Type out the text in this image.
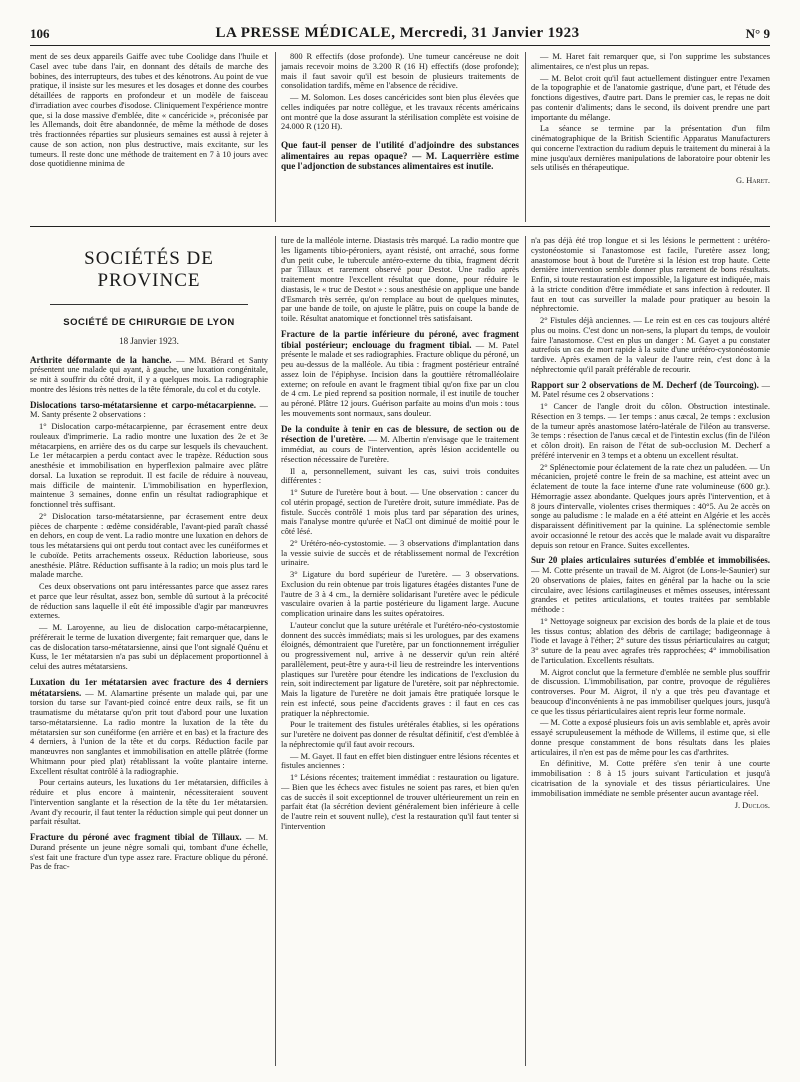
106	LA PRESSE MÉDICALE, Mercredi, 31 Janvier 1923	N° 9

ment de ses deux appareils Gaiffe avec tube Coolidge dans l'huile et Casel avec tube dans l'air, en donnant des détails de marche des bobines, des interrupteurs, des tubes et des kénotrons. Au point de vue pratique, il insiste sur les mesures et les dosages et donne des courbes détaillées de rapports en profondeur et un modèle de faisceau d'irradiation avec courbes d'isodose. Cliniquement l'expérience montre que, si la dose massive d'emblée, dite « cancéricide », préconisée par les Allemands, doit être abandonnée, de même la méthode de doses très fractionnées réparties sur plusieurs semaines est aussi à rejeter à cause de son action, non plus destructive, mais excitante, sur les tumeurs. Il reste donc une méthode de traitement en 7 à 10 jours avec dose quotidienne minima de

800 R effectifs (dose profonde). Une tumeur cancéreuse ne doit jamais recevoir moins de 3.200 R (16 H) effectifs (dose profonde); mais il faut savoir qu'il est besoin de plusieurs traitements de consolidation tardifs, même en l'absence de récidive.

— M. Solomon. Les doses cancéricides sont bien plus élevées que celles indiquées par notre collègue, et les travaux récents américains ont montré que la dose assurant la stérilisation complète est voisine de 24.000 R (120 H).

Que faut-il penser de l'utilité d'adjoindre des substances alimentaires au repas opaque? — M. Laquerrière estime que l'adjonction de substances alimentaires est inutile.

— M. Haret fait remarquer que, si l'on supprime les substances alimentaires, ce n'est plus un repas.

— M. Belot croit qu'il faut actuellement distinguer entre l'examen de la topographie et de l'anatomie gastrique, d'une part, et l'étude des fonctions digestives, d'autre part. Dans le premier cas, le repas ne doit pas contenir d'aliments; dans le second, ils doivent prendre une part importante du mélange.

La séance se termine par la présentation d'un film cinématographique de la British Scientific Apparatus Manufacturers qui concerne l'extraction du radium depuis le traitement du minerai à la mine jusqu'aux dernières manipulations de laboratoire pour obtenir les sels utilisés en thérapeutique.

G. Haret.
SOCIÉTÉS DE PROVINCE
SOCIÉTÉ DE CHIRURGIE DE LYON
18 Janvier 1923.

Arthrite déformante de la hanche. — MM. Bérard et Santy présentent une malade qui ayant, à gauche, une luxation congénitale, se mit à souffrir du côté droit, il y a quelques mois. La radiographie montre des lésions très nettes de la tête fémorale, du col et du cotyle.

Dislocations tarso-métatarsienne et carpo-métacarpienne. — M. Santy présente 2 observations :

1° Dislocation carpo-métacarpienne, par écrasement entre deux rouleaux d'imprimerie. La radio montre une luxation des 2e et 3e métacarpiens, en arrière des os du carpe sur lesquels ils chevauchent. Le 1er métacarpien a perdu contact avec le trapèze. Réduction sous anesthésie et immobilisation en hyperflexion palmaire avec plâtre dorsal. La luxation se reproduit. Il est facile de réduire à nouveau, mais difficile de maintenir. L'immobilisation en hyperflexion, maintenue 3 semaines, donne enfin un résultat radiographique et fonctionnel très suffisant.

2° Dislocation tarso-métatarsienne, par écrasement entre deux pièces de charpente : œdème considérable, l'avant-pied paraît chassé en dehors, en coup de vent. La radio montre une luxation en dehors de tous les métatarsiens qui ont perdu tout contact avec les cunéiformes et le cuboïde. Petits arrachements osseux. Réduction laborieuse, sous anesthésie. Plâtre. Réduction suffisante à la radio; un mois plus tard le malade marche.

Ces deux observations ont paru intéressantes parce que assez rares et parce que leur résultat, assez bon, semble dû surtout à la précocité de réduction sans laquelle il eût été impossible d'agir par manœuvres externes.

— M. Laroyenne, au lieu de dislocation carpo-métacarpienne, préférerait le terme de luxation divergente; fait remarquer que, dans le cas de dislocation tarso-métatarsienne, ainsi que l'ont signalé Quénu et Kuss, le 1er métatarsien n'a pas subi un déplacement proportionnel à celui des autres métatarsiens.

Luxation du 1er métatarsien avec fracture des 4 derniers métatarsiens. — M. Alamartine présente un malade qui, par une torsion du tarse sur l'avant-pied coincé entre deux rails, se fit un traumatisme du métatarse qu'on prit tout d'abord pour une luxation tarso-métatarsienne. La radio montre la luxation de la tête du métatarsien sur son cunéiforme (en arrière et en bas) et la fracture des 4 derniers, à l'union de la tête et du corps. Réduction facile par manœuvres non sanglantes et immobilisation en attelle plâtrée (forme Whitmann pour pied plat) rétablissant la voûte plantaire interne. Excellent résultat contrôlé à la radiographie.

Pour certains auteurs, les luxations du 1er métatarsien, difficiles à réduire et plus encore à maintenir, nécessiteraient souvent l'intervention sanglante et la résection de la tête du 1er métatarsien. Avant d'y recourir, il faut tenter la réduction simple qui peut donner un parfait résultat.

Fracture du péroné avec fragment tibial de Tillaux. — M. Durand présente un jeune nègre somali qui, tombant d'une échelle, s'est fait une fracture d'un type assez rare. Fracture oblique du péroné. Pas de frac-

ture de la malléole interne. Diastasis très marqué. La radio montre que les ligaments tibio-péroniers, ayant résisté, ont arraché, sous forme d'un petit cube, le tubercule antéro-externe du tibia, fragment décrit par Tillaux et rarement observé pour Destot. Une radio après traitement montre l'excellent résultat que donne, pour réduire le diastasis, le « truc de Destot » : sous anesthésie on applique une bande d'Esmarch très serrée, qu'on remplace au bout de quelques minutes, par une bande de toile, on ajuste le plâtre, puis on coupe la bande de toile. Résultat anatomique et fonctionnel très satisfaisant.

Fracture de la partie inférieure du péroné, avec fragment tibial postérieur; enclouage du fragment tibial. — M. Patel présente le malade et ses radiographies. Fracture oblique du péroné, un peu au-dessus de la malléole. Au tibia : fragment postérieur entraîné assez loin de l'épiphyse. Incision dans la gouttière rétromalléolaire externe; on refoule en avant le fragment tibial qu'on fixe par un clou de 4 cm. Le pied reprend sa position normale, il est inutile de toucher au péroné. Plâtre 12 jours. Guérison parfaite au moins d'un mois : tous les mouvements sont normaux, sans douleur.

De la conduite à tenir en cas de blessure, de section ou de résection de l'uretère. — M. Albertin n'envisage que le traitement immédiat, au cours de l'intervention, après lésion accidentelle ou résection nécessaire de l'uretère.

Il a, personnellement, suivant les cas, suivi trois conduites différentes :

1° Suture de l'uretère bout à bout. — Une observation : cancer du col utérin propagé, section de l'uretère droit, suture immédiate. Pas de fistule. Succès contrôlé 1 mois plus tard par séparation des urines, mais l'analyse montre qu'urée et NaCl ont diminué de moitié pour le côté lésé.

2° Urétéro-néo-cystostomie. — 3 observations d'implantation dans la vessie suivie de succès et de rétablissement normal de l'excrétion urinaire.

3° Ligature du bord supérieur de l'uretère. — 3 observations. Exclusion du rein obtenue par trois ligatures étagées distantes l'une de l'autre de 3 à 4 cm., la dernière solidarisant l'uretère avec le pédicule vasculaire ovarien à la partie postérieure du ligament large. Aucune complication urinaire dans les suites opératoires.

L'auteur conclut que la suture urétérale et l'urétéro-néo-cystostomie donnent des succès immédiats; mais si les urologues, par des examens éloignés, démontraient que l'uretère, par un fonctionnement irrégulier ou progressivement nul, arrive à ne desservir qu'un rein altéré parallèlement, peut-être y aura-t-il lieu de restreindre les interventions plastiques sur l'uretère pour étendre les indications de l'exclusion du rein, soit indirectement par ligature de l'uretère, soit par néphrectomie. Mais la ligature de l'uretère ne doit jamais être pratiquée lorsque le rein est infecté, sous peine d'accidents graves : il faut en ces cas pratiquer la néphrectomie.

Pour le traitement des fistules urétérales établies, si les opérations sur l'uretère ne doivent pas donner de résultat définitif, c'est d'emblée à la néphrectomie qu'il faut avoir recours.

— M. Gayet. Il faut en effet bien distinguer entre lésions récentes et fistules anciennes :

1° Lésions récentes; traitement immédiat : restauration ou ligature. — Bien que les échecs avec fistules ne soient pas rares, et bien qu'en cas de succès il soit exceptionnel de trouver ultérieurement un rein en parfait état (la sécrétion devient généralement bien inférieure à celle de l'autre rein et souvent nulle), c'est la restauration qu'il faut tenter si l'intervention

n'a pas déjà été trop longue et si les lésions le permettent : urétéro-cystonéostomie si l'anastomose est facile, l'uretère assez long; anastomose bout à bout de l'uretère si la lésion est trop haute. Cette dernière intervention semble donner plus rarement de bons résultats. Enfin, si toute restauration est impossible, la ligature est indiquée, mais à la stricte condition d'être immédiate et sans infection à redouter. Il faut en tout cas surveiller la malade pour pratiquer au besoin la néphrectomie.

2° Fistules déjà anciennes. — Le rein est en ces cas toujours altéré plus ou moins. C'est donc un non-sens, la plupart du temps, de vouloir faire l'anastomose. C'est en plus un danger : M. Gayet a pu constater autrefois un cas de mort rapide à la suite d'une urétéro-cystonéostomie tardive. Après examen de la valeur de l'autre rein, c'est donc à la néphrectomie qu'il paraît préférable de recourir.

Rapport sur 2 observations de M. Decherf (de Tourcoing). — M. Patel résume ces 2 observations :

1° Cancer de l'angle droit du côlon. Obstruction intestinale. Résection en 3 temps. — 1er temps : anus cæcal, 2e temps : exclusion de la tumeur après anastomose latéro-latérale de l'iléon au transverse. 3e temps : résection de l'anus cæcal et de l'intestin exclus (fin de l'iléon et côlon droit). En raison de l'état de sub-occlusion M. Decherf a préféré intervenir en 3 temps et a obtenu un excellent résultat.

2° Splénectomie pour éclatement de la rate chez un paludéen. — Un mécanicien, projeté contre le frein de sa machine, est atteint avec un éclatement de toute la face interne d'une rate volumineuse (600 gr.). Hémorragie assez abondante. Quelques jours après l'intervention, et à 8 jours d'intervalle, violentes crises thermiques : 40°5. Au 2e accès on songe au paludisme : le malade en a été atteint en Algérie et les accès disparaissent définitivement par la quinine. La splénectomie semble avoir occasionné le retour des accès que le malade avait vu disparaître depuis son retour en France. Suites excellentes.

Sur 20 plaies articulaires suturées d'emblée et immobilisées. — M. Cotte présente un travail de M. Aigrot (de Lons-le-Saunier) sur 20 observations de plaies, faites en général par la hache ou la scie circulaire, avec lésions cartilagineuses et mêmes osseuses, intéressant grandes et petites articulations, et toutes traitées par semblable méthode :

1° Nettoyage soigneux par excision des bords de la plaie et de tous les tissus contus; ablation des débris de cartilage; badigeonnage à l'iode et lavage à l'éther; 2° suture des tissus périarticulaires au catgut; 3° suture de la peau avec agrafes très rapprochées; 4° immobilisation de l'articulation. Excellents résultats.

M. Aigrot conclut que la fermeture d'emblée ne semble plus souffrir de discussion. L'immobilisation, par contre, provoque de régulières controverses. Pour M. Aigrot, il n'y a que très peu d'avantage et beaucoup d'inconvénients à ne pas immobiliser quelques jours, jusqu'à ce que les tissus périarticulaires aient repris leur forme normale.

— M. Cotte a exposé plusieurs fois un avis semblable et, après avoir essayé scrupuleusement la méthode de Willems, il estime que, si elle donne presque constamment de bons résultats dans les plaies articulaires, il n'en est pas de même pour les cas d'arthrites.

En définitive, M. Cotte préfère s'en tenir à une courte immobilisation : 8 à 15 jours suivant l'articulation et jusqu'à cicatrisation de la synoviale et des tissus périarticulaires. Une immobilisation immédiate ne semble présenter aucun avantage réel.

J. Duclos.
